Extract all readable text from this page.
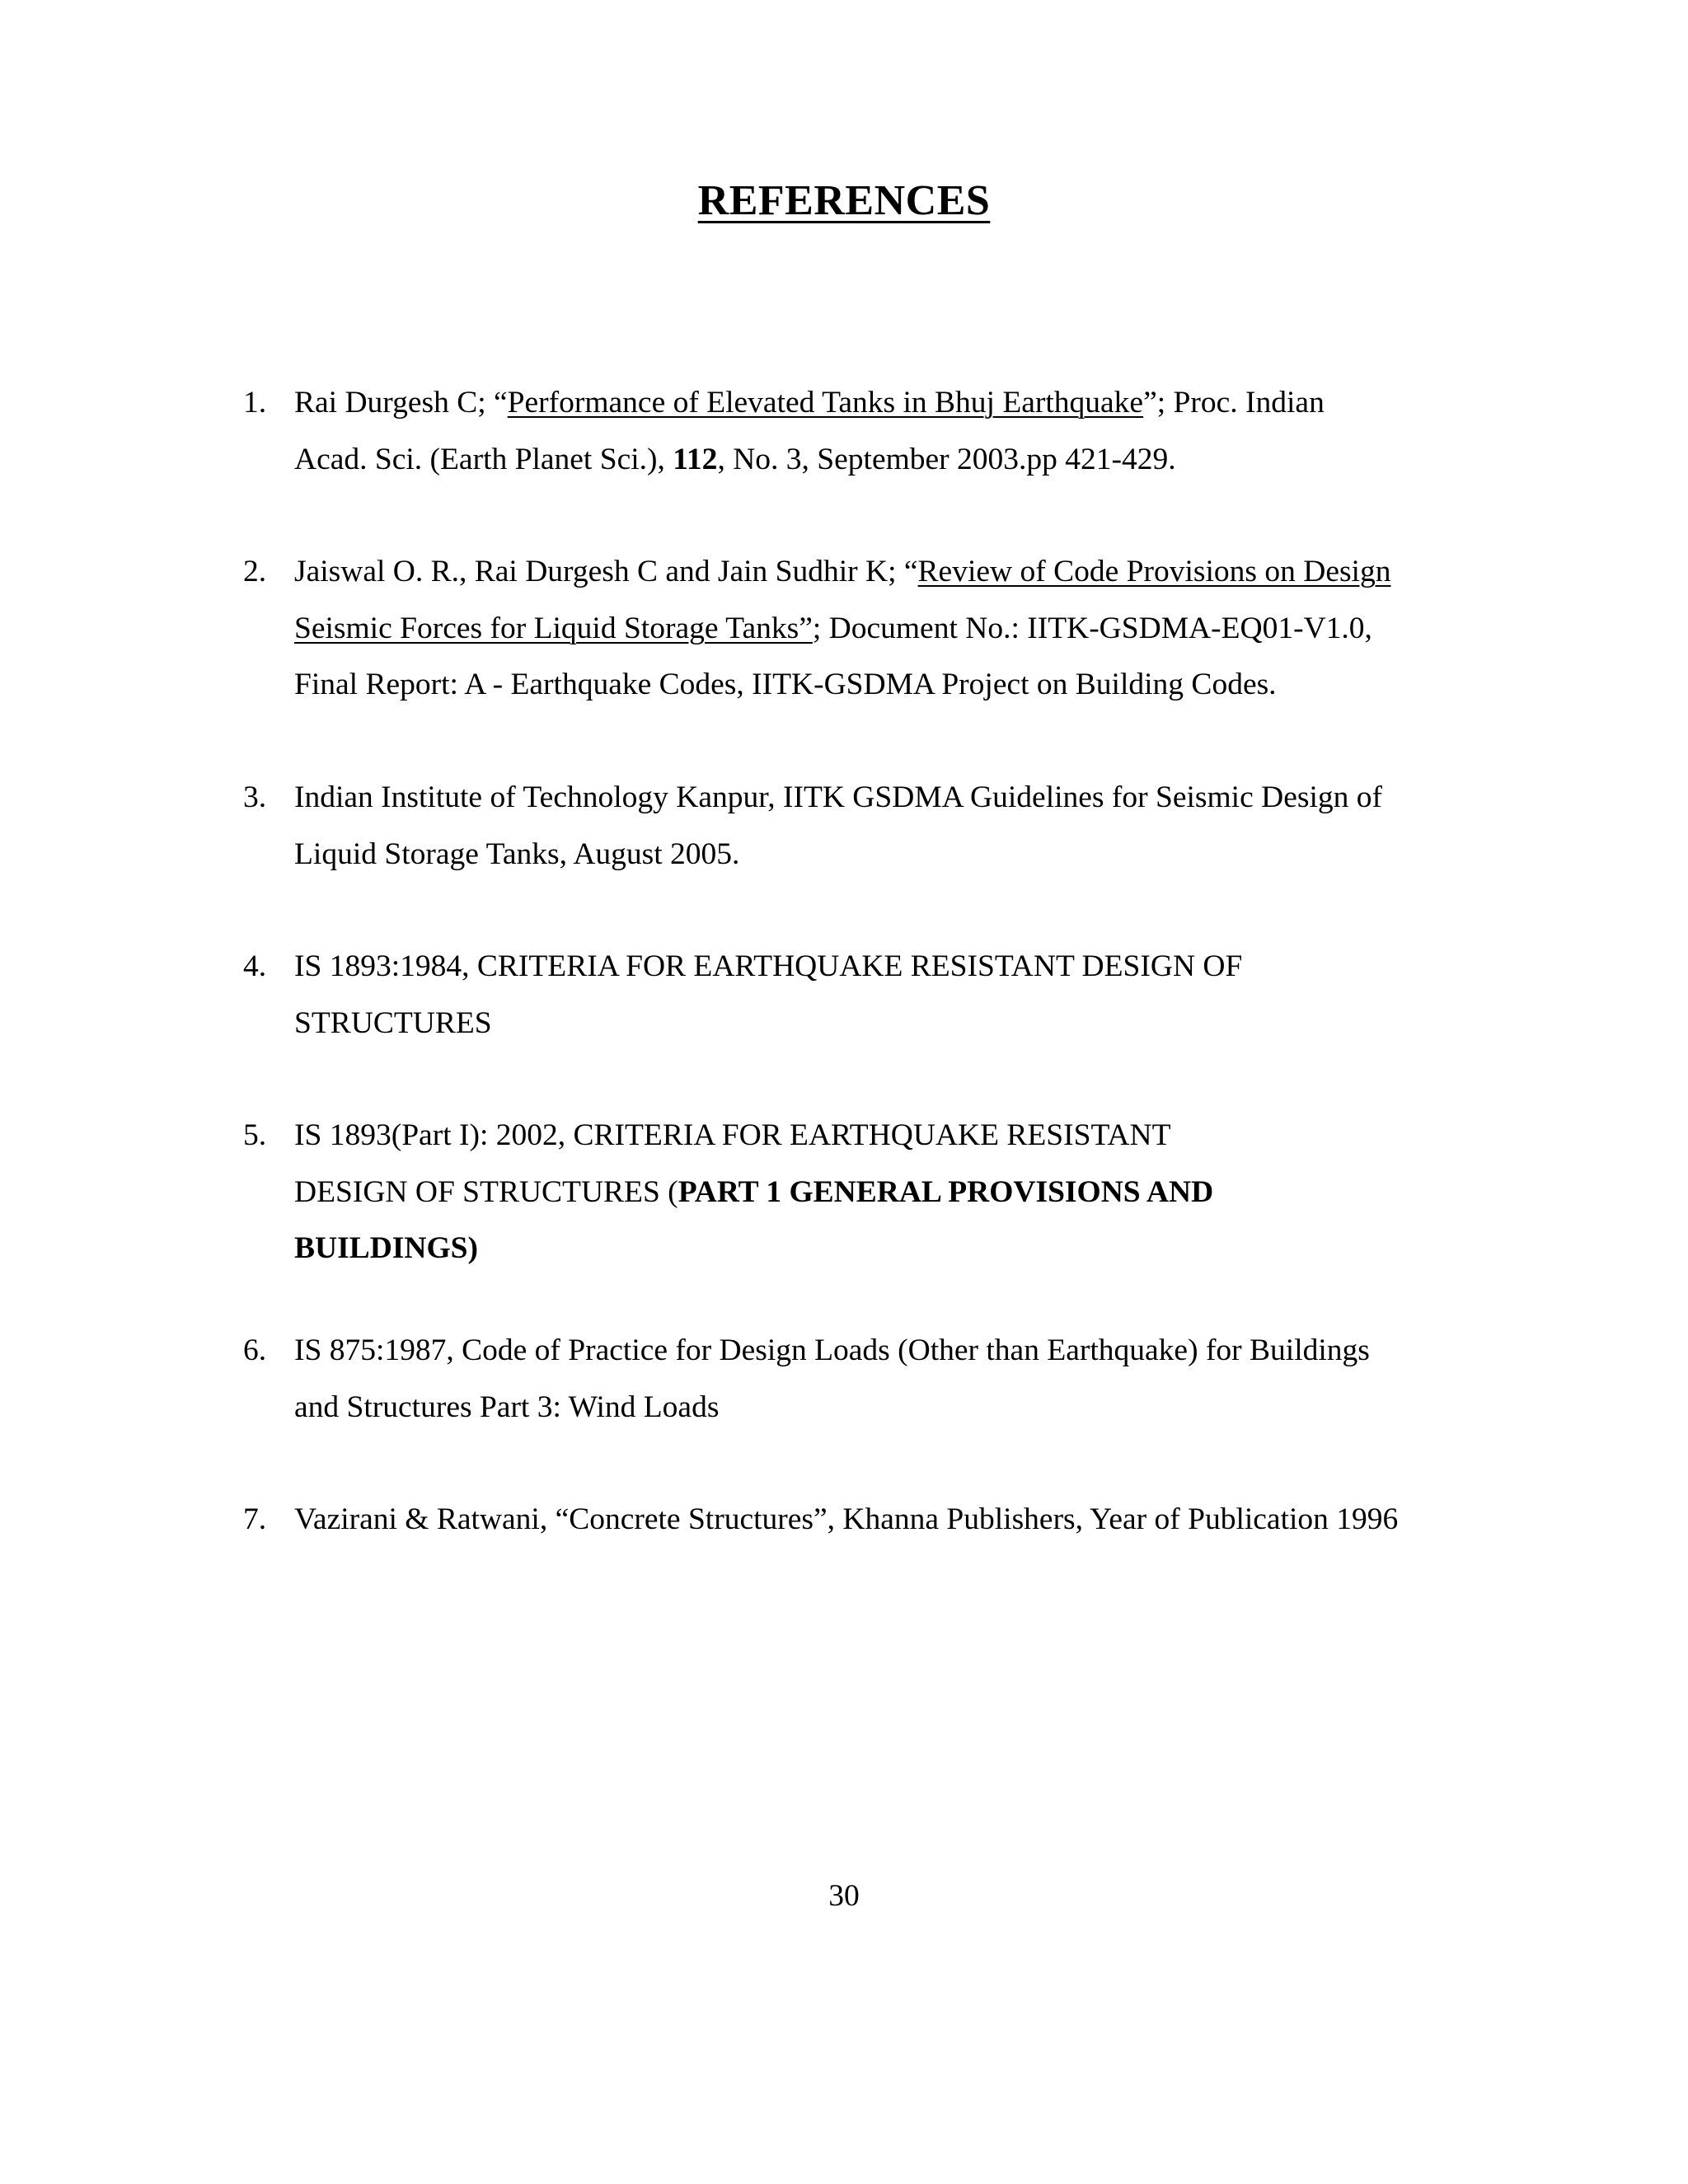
REFERENCES
1. Rai Durgesh C; “Performance of Elevated Tanks in Bhuj Earthquake”; Proc. Indian
Acad. Sci. (Earth Planet Sci.), 112, No. 3, September 2003.pp 421-429.
2. Jaiswal O. R., Rai Durgesh C and Jain Sudhir K; “Review of Code Provisions on Design
Seismic Forces for Liquid Storage Tanks”; Document No.: IITK-GSDMA-EQ01-V1.0,
Final Report: A - Earthquake Codes, IITK-GSDMA Project on Building Codes.
3. Indian Institute of Technology Kanpur, IITK GSDMA Guidelines for Seismic Design of
Liquid Storage Tanks, August 2005.
4. IS 1893:1984, CRITERIA FOR EARTHQUAKE RESISTANT DESIGN OF
STRUCTURES
5. IS 1893(Part I): 2002, CRITERIA FOR EARTHQUAKE RESISTANT
DESIGN OF STRUCTURES (PART 1 GENERAL PROVISIONS AND
BUILDINGS)
6. IS 875:1987, Code of Practice for Design Loads (Other than Earthquake) for Buildings
and Structures Part 3: Wind Loads
7. Vazirani & Ratwani, “Concrete Structures”, Khanna Publishers, Year of Publication 1996
30
